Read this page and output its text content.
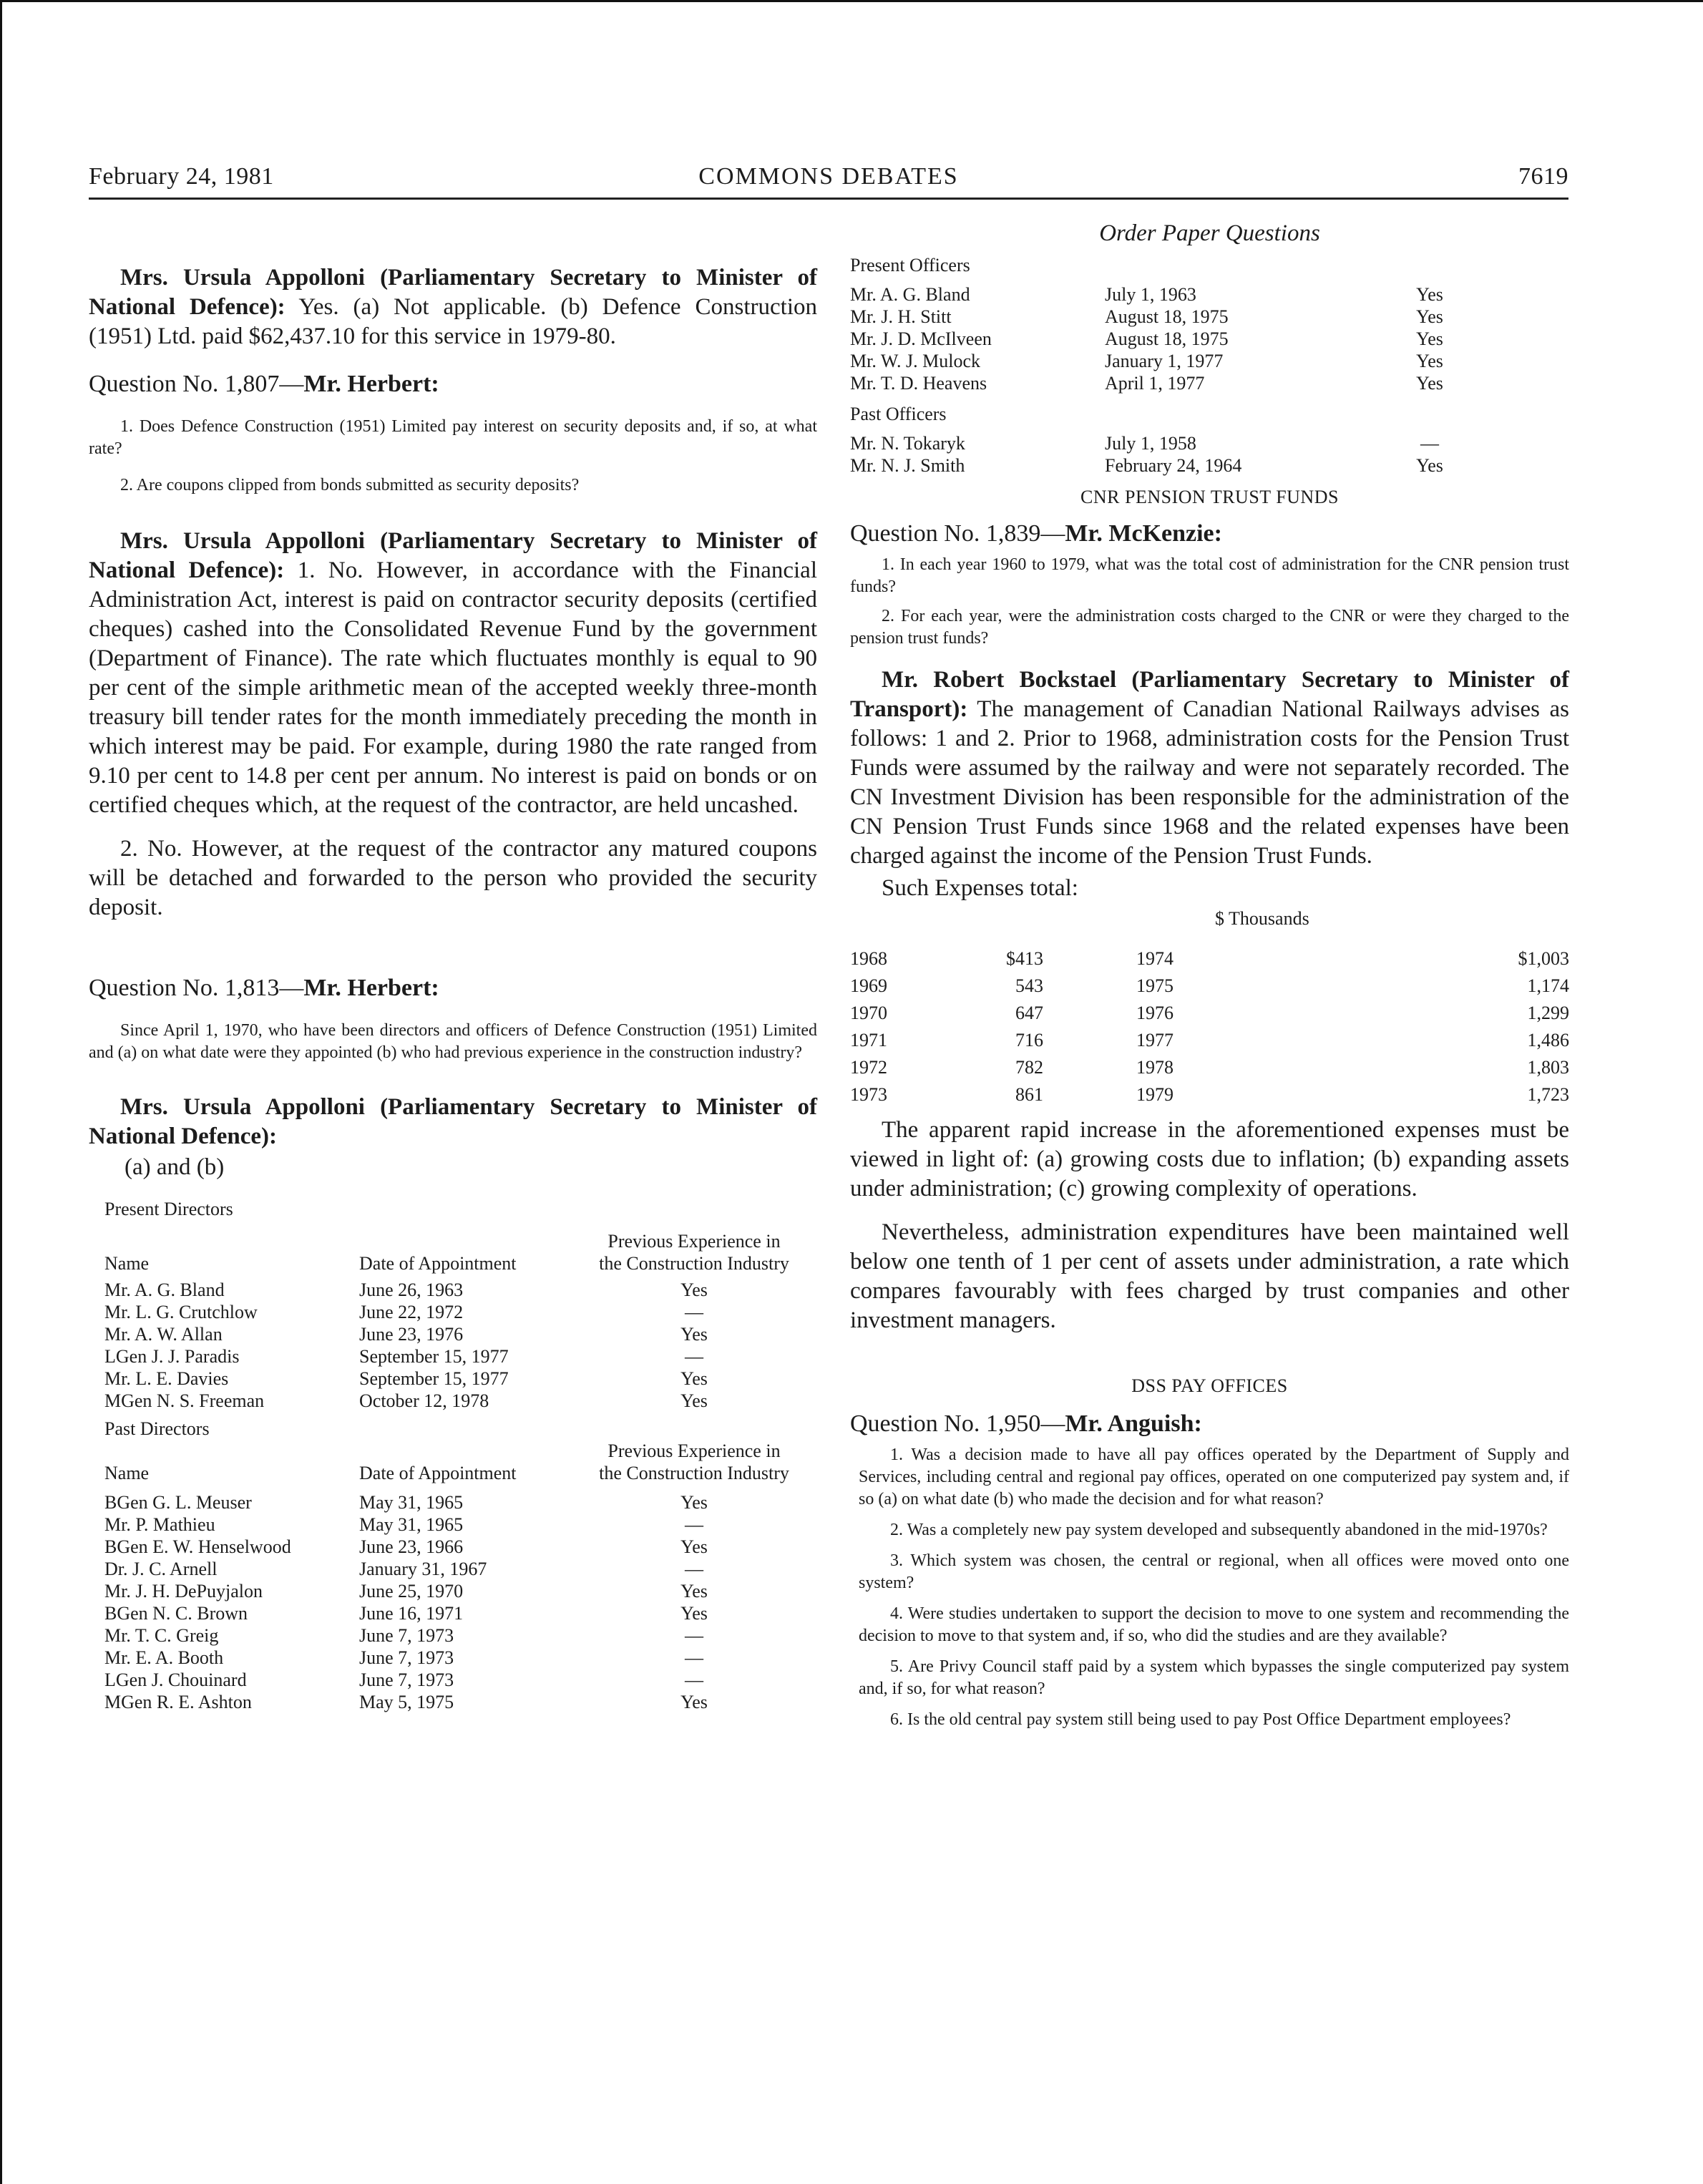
February 24, 1981	COMMONS DEBATES	7619

Mrs. Ursula Appolloni (Parliamentary Secretary to Minister of National Defence): Yes. (a) Not applicable. (b) Defence Construction (1951) Ltd. paid $62,437.10 for this service in 1979-80.

Question No. 1,807—Mr. Herbert:

1. Does Defence Construction (1951) Limited pay interest on security deposits and, if so, at what rate?

2. Are coupons clipped from bonds submitted as security deposits?

Mrs. Ursula Appolloni (Parliamentary Secretary to Minister of National Defence): 1. No. However, in accordance with the Financial Administration Act, interest is paid on contractor security deposits (certified cheques) cashed into the Consolidated Revenue Fund by the government (Department of Finance). The rate which fluctuates monthly is equal to 90 per cent of the simple arithmetic mean of the accepted weekly three-month treasury bill tender rates for the month immediately preceding the month in which interest may be paid. For example, during 1980 the rate ranged from 9.10 per cent to 14.8 per cent per annum. No interest is paid on bonds or on certified cheques which, at the request of the contractor, are held uncashed.

2. No. However, at the request of the contractor any matured coupons will be detached and forwarded to the person who provided the security deposit.

Question No. 1,813—Mr. Herbert:

Since April 1, 1970, who have been directors and officers of Defence Construction (1951) Limited and (a) on what date were they appointed (b) who had previous experience in the construction industry?

Mrs. Ursula Appolloni (Parliamentary Secretary to Minister of National Defence):

(a) and (b)

Present Directors

Name	Date of Appointment	Previous Experience in
the Construction Industry

Mr. A. G. Bland	June 26, 1963	Yes
Mr. L. G. Crutchlow	June 22, 1972	—
Mr. A. W. Allan	June 23, 1976	Yes
LGen J. J. Paradis	September 15, 1977	—
Mr. L. E. Davies	September 15, 1977	Yes
MGen N. S. Freeman	October 12, 1978	Yes

Past Directors

Name	Date of Appointment	Previous Experience in
the Construction Industry

BGen G. L. Meuser	May 31, 1965	Yes
Mr. P. Mathieu	May 31, 1965	—
BGen E. W. Henselwood	June 23, 1966	Yes
Dr. J. C. Arnell	January 31, 1967	—
Mr. J. H. DePuyjalon	June 25, 1970	Yes
BGen N. C. Brown	June 16, 1971	Yes
Mr. T. C. Greig	June 7, 1973	—
Mr. E. A. Booth	June 7, 1973	—
LGen J. Chouinard	June 7, 1973	—
MGen R. E. Ashton	May 5, 1975	Yes

Order Paper Questions

Present Officers

Mr. A. G. Bland	July 1, 1963	Yes
Mr. J. H. Stitt	August 18, 1975	Yes
Mr. J. D. McIlveen	August 18, 1975	Yes
Mr. W. J. Mulock	January 1, 1977	Yes
Mr. T. D. Heavens	April 1, 1977	Yes

Past Officers

Mr. N. Tokaryk	July 1, 1958	—
Mr. N. J. Smith	February 24, 1964	Yes

CNR PENSION TRUST FUNDS

Question No. 1,839—Mr. McKenzie:

1. In each year 1960 to 1979, what was the total cost of administration for the CNR pension trust funds?

2. For each year, were the administration costs charged to the CNR or were they charged to the pension trust funds?

Mr. Robert Bockstael (Parliamentary Secretary to Minister of Transport): The management of Canadian National Railways advises as follows: 1 and 2. Prior to 1968, administration costs for the Pension Trust Funds were assumed by the railway and were not separately recorded. The CN Investment Division has been responsible for the administration of the CN Pension Trust Funds since 1968 and the related expenses have been charged against the income of the Pension Trust Funds.

Such Expenses total:

$ Thousands

1968	$413	1974	$1,003
1969	543	1975	1,174
1970	647	1976	1,299
1971	716	1977	1,486
1972	782	1978	1,803
1973	861	1979	1,723

The apparent rapid increase in the aforementioned expenses must be viewed in light of: (a) growing costs due to inflation; (b) expanding assets under administration; (c) growing complexity of operations.

Nevertheless, administration expenditures have been maintained well below one tenth of 1 per cent of assets under administration, a rate which compares favourably with fees charged by trust companies and other investment managers.

DSS PAY OFFICES

Question No. 1,950—Mr. Anguish:

1. Was a decision made to have all pay offices operated by the Department of Supply and Services, including central and regional pay offices, operated on one computerized pay system and, if so (a) on what date (b) who made the decision and for what reason?

2. Was a completely new pay system developed and subsequently abandoned in the mid-1970s?

3. Which system was chosen, the central or regional, when all offices were moved onto one system?

4. Were studies undertaken to support the decision to move to one system and recommending the decision to move to that system and, if so, who did the studies and are they available?

5. Are Privy Council staff paid by a system which bypasses the single computerized pay system and, if so, for what reason?

6. Is the old central pay system still being used to pay Post Office Department employees?
